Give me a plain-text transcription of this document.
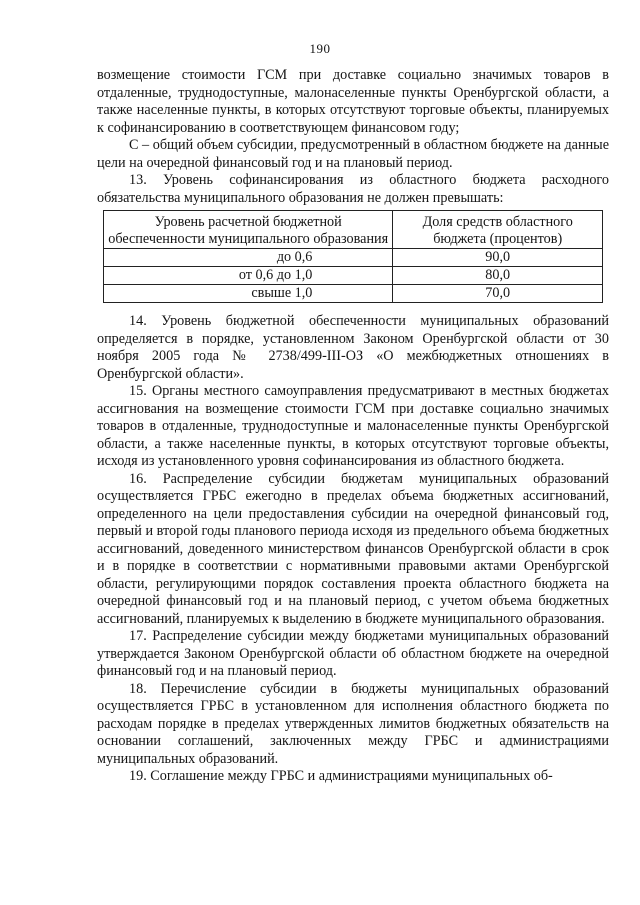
190

возмещение стоимости ГСМ при доставке социально значимых товаров в отдаленные, труднодоступные, малонаселенные пункты Оренбургской области, а также населенные пункты, в которых отсутствуют торговые объекты, планируемых к софинансированию в соответствующем финансовом году;

С – общий объем субсидии, предусмотренный в областном бюджете на данные цели на очередной финансовый год и на плановый период.

13. Уровень софинансирования из областного бюджета расходного обязательства муниципального образования не должен превышать:

Уровень расчетной бюджетной обеспеченности муниципального образования	Доля средств областного бюджета (процентов)
до 0,6	90,0
от 0,6 до 1,0	80,0
свыше 1,0	70,0

14. Уровень бюджетной обеспеченности муниципальных образований определяется в порядке, установленном Законом Оренбургской области от 30 ноября 2005 года № 2738/499-III-ОЗ «О межбюджетных отношениях в Оренбургской области».

15. Органы местного самоуправления предусматривают в местных бюджетах ассигнования на возмещение стоимости ГСМ при доставке социально значимых товаров в отдаленные, труднодоступные и малонаселенные пункты Оренбургской области, а также населенные пункты, в которых отсутствуют торговые объекты, исходя из установленного уровня софинансирования из областного бюджета.

16. Распределение субсидии бюджетам муниципальных образований осуществляется ГРБС ежегодно в пределах объема бюджетных ассигнований, определенного на цели предоставления субсидии на очередной финансовый год, первый и второй годы планового периода исходя из предельного объема бюджетных ассигнований, доведенного министерством финансов Оренбургской области в срок и в порядке в соответствии с нормативными правовыми актами Оренбургской области, регулирующими порядок составления проекта областного бюджета на очередной финансовый год и на плановый период, с учетом объема бюджетных ассигнований, планируемых к выделению в бюджете муниципального образования.

17. Распределение субсидии между бюджетами муниципальных образований утверждается Законом Оренбургской области об областном бюджете на очередной финансовый год и на плановый период.

18. Перечисление субсидии в бюджеты муниципальных образований осуществляется ГРБС в установленном для исполнения областного бюджета по расходам порядке в пределах утвержденных лимитов бюджетных обязательств на основании соглашений, заключенных между ГРБС и администрациями муниципальных образований.

19. Соглашение между ГРБС и администрациями муниципальных об-
